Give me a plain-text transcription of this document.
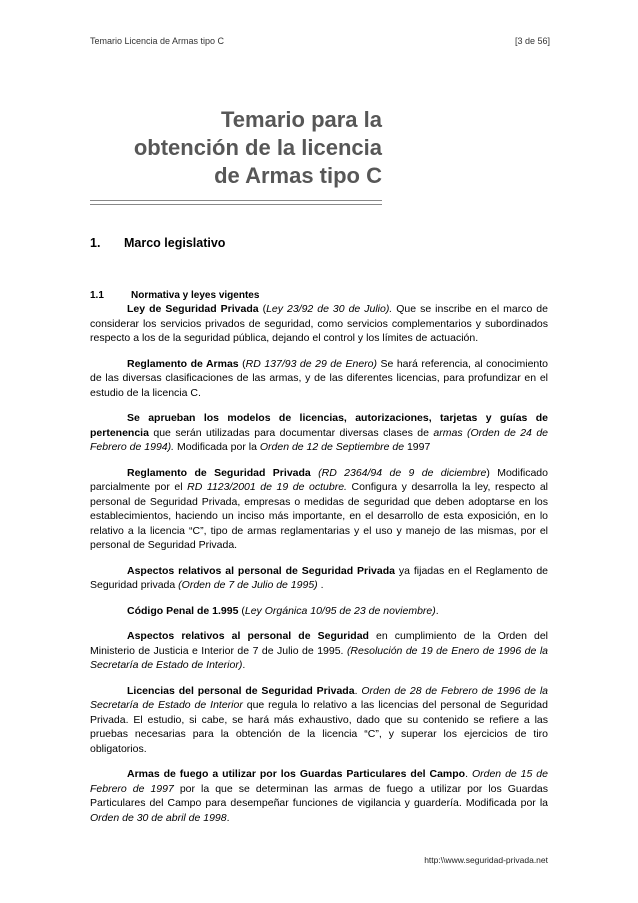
Temario Licencia de Armas tipo C	[3 de 56]
Temario para la
obtención de la licencia
de Armas tipo C
1. Marco legislativo
1.1	Normativa y leyes vigentes

Ley de Seguridad Privada (Ley 23/92 de 30 de Julio). Que se inscribe en el marco de considerar los servicios privados de seguridad, como servicios complementarios y subordinados respecto a los de la seguridad pública, dejando el control y los límites de actuación.

Reglamento de Armas (RD 137/93 de 29 de Enero) Se hará referencia, al conocimiento de las diversas clasificaciones de las armas, y de las diferentes licencias, para profundizar en el estudio de la licencia C.

Se aprueban los modelos de licencias, autorizaciones, tarjetas y guías de pertenencia que serán utilizadas para documentar diversas clases de armas (Orden de 24 de Febrero de 1994). Modificada por la Orden de 12 de Septiembre de 1997

Reglamento de Seguridad Privada (RD 2364/94 de 9 de diciembre) Modificado parcialmente por el RD 1123/2001 de 19 de octubre. Configura y desarrolla la ley, respecto al personal de Seguridad Privada, empresas o medidas de seguridad que deben adoptarse en los establecimientos, haciendo un inciso más importante, en el desarrollo de esta exposición, en lo relativo a la licencia “C”, tipo de armas reglamentarias y el uso y manejo de las mismas, por el personal de Seguridad Privada.

Aspectos relativos al personal de Seguridad Privada ya fijadas en el Reglamento de Seguridad privada (Orden de 7 de Julio de 1995) .

Código Penal de 1.995 (Ley Orgánica 10/95 de 23 de noviembre).

Aspectos relativos al personal de Seguridad en cumplimiento de la Orden del Ministerio de Justicia e Interior de 7 de Julio de 1995. (Resolución de 19 de Enero de 1996 de la Secretaría de Estado de Interior).

Licencias del personal de Seguridad Privada. Orden de 28 de Febrero de 1996 de la Secretaría de Estado de Interior que regula lo relativo a las licencias del personal de Seguridad Privada. El estudio, si cabe, se hará más exhaustivo, dado que su contenido se refiere a las pruebas necesarias para la obtención de la licencia “C”, y superar los ejercicios de tiro obligatorios.

Armas de fuego a utilizar por los Guardas Particulares del Campo. Orden de 15 de Febrero de 1997 por la que se determinan las armas de fuego a utilizar por los Guardas Particulares del Campo para desempeñar funciones de vigilancia y guardería. Modificada por la Orden de 30 de abril de 1998.

http:\\www.seguridad-privada.net
